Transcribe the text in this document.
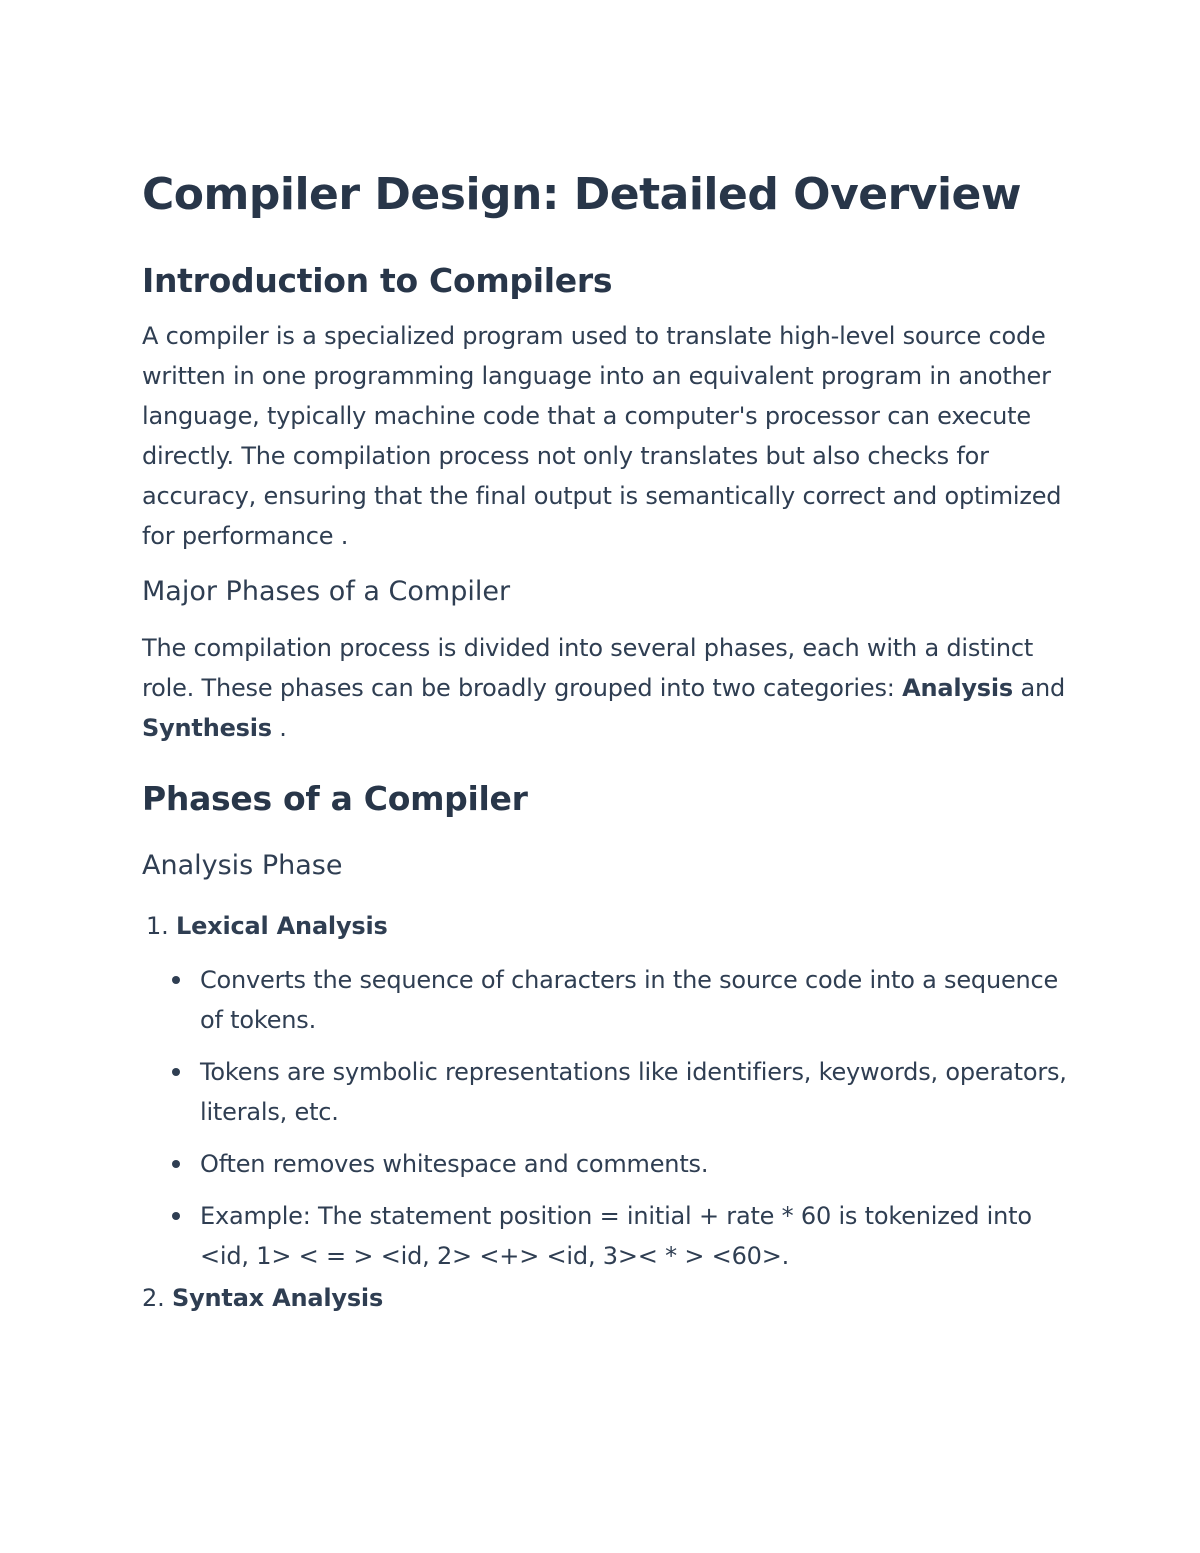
Compiler Design: Detailed Overview
Introduction to Compilers

A compiler is a specialized program used to translate high-level source code written in one programming language into an equivalent program in another language, typically machine code that a computer's processor can execute directly. The compilation process not only translates but also checks for accuracy, ensuring that the final output is semantically correct and optimized for performance .

Major Phases of a Compiler

The compilation process is divided into several phases, each with a distinct role. These phases can be broadly grouped into two categories: Analysis and Synthesis .

Phases of a Compiler
Analysis Phase
1. Lexical Analysis
Converts the sequence of characters in the source code into a sequence of tokens.
Tokens are symbolic representations like identifiers, keywords, operators, literals, etc.
Often removes whitespace and comments.
Example: The statement position = initial + rate * 60 is tokenized into <id, 1> < = > <id, 2> <+> <id, 3>< * > <60>.
2. Syntax Analysis
